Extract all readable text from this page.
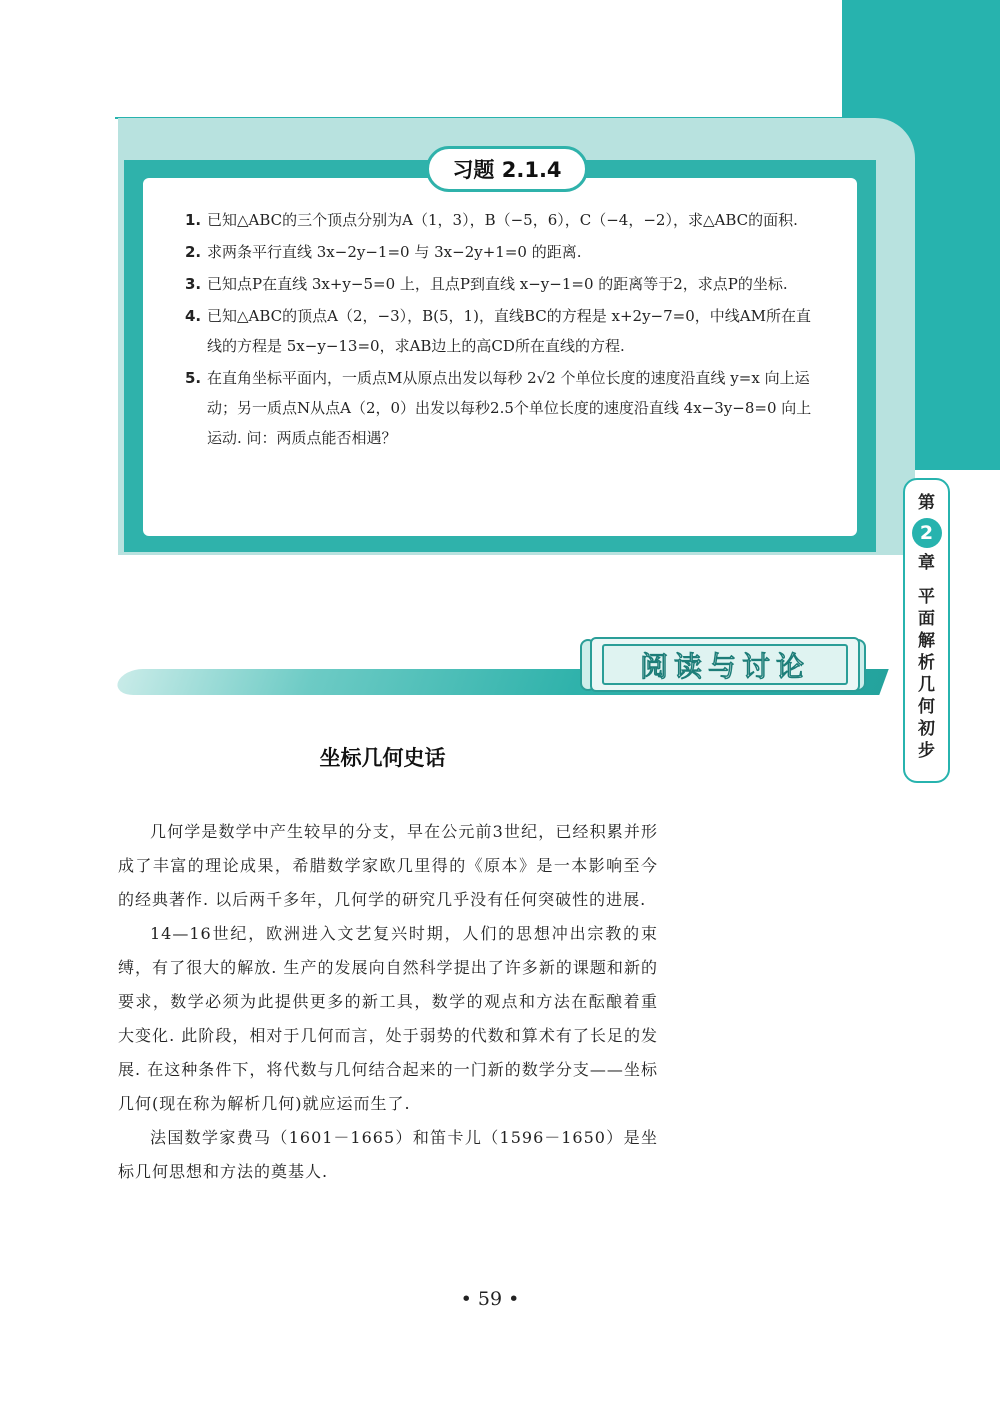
习题 2.1.4
1. 已知△ABC的三个顶点分别为A（1，3），B（−5，6），C（−4，−2），求△ABC的面积.
2. 求两条平行直线 3x−2y−1=0 与 3x−2y+1=0 的距离.
3. 已知点P在直线 3x+y−5=0 上，且点P到直线 x−y−1=0 的距离等于2，求点P的坐标.
4. 已知△ABC的顶点A（2，−3），B(5，1)，直线BC的方程是 x+2y−7=0，中线AM所在直线的方程是 5x−y−13=0，求AB边上的高CD所在直线的方程.
5. 在直角坐标平面内，一质点M从原点出发以每秒 2√2 个单位长度的速度沿直线 y=x 向上运动；另一质点N从点A（2，0）出发以每秒2.5个单位长度的速度沿直线 4x−3y−8=0 向上运动. 问：两质点能否相遇？
第
2
章
平
面
解
析
几
何
初
步
阅读与讨论
坐标几何史话

几何学是数学中产生较早的分支，早在公元前3世纪，已经积累并形成了丰富的理论成果，希腊数学家欧几里得的《原本》是一本影响至今的经典著作. 以后两千多年，几何学的研究几乎没有任何突破性的进展.

14—16世纪，欧洲进入文艺复兴时期，人们的思想冲出宗教的束缚，有了很大的解放. 生产的发展向自然科学提出了许多新的课题和新的要求，数学必须为此提供更多的新工具，数学的观点和方法在酝酿着重大变化. 此阶段，相对于几何而言，处于弱势的代数和算术有了长足的发展. 在这种条件下，将代数与几何结合起来的一门新的数学分支——坐标几何(现在称为解析几何)就应运而生了.

法国数学家费马（1601－1665）和笛卡儿（1596－1650）是坐标几何思想和方法的奠基人.

• 59 •
